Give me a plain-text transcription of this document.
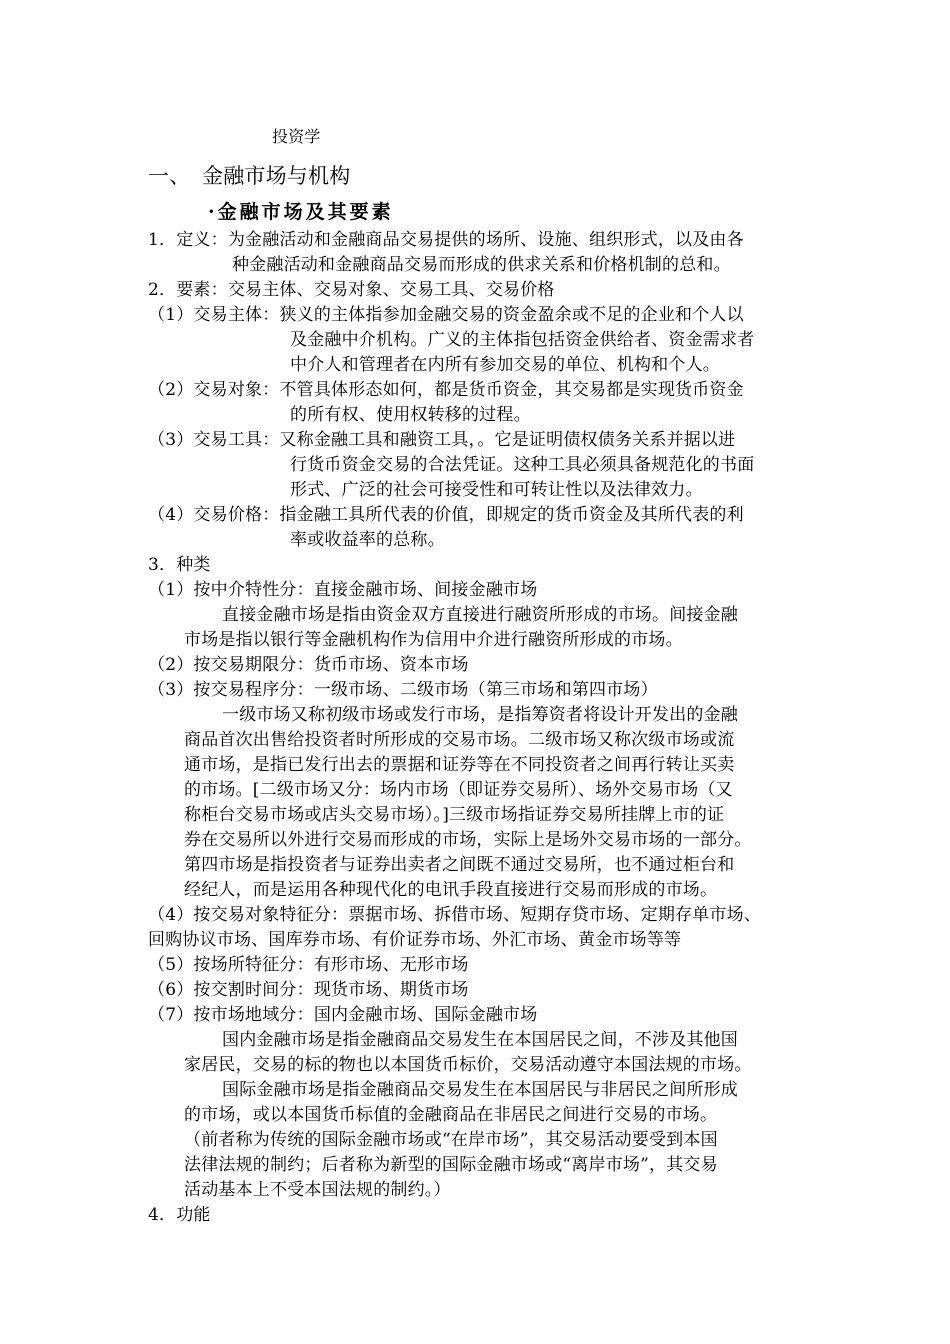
投资学
一、 金融市场与机构
·金融市场及其要素
1．定义：为金融活动和金融商品交易提供的场所、设施、组织形式，以及由各
种金融活动和金融商品交易而形成的供求关系和价格机制的总和。
2．要素：交易主体、交易对象、交易工具、交易价格
（1）交易主体：狭义的主体指参加金融交易的资金盈余或不足的企业和个人以
及金融中介机构。广义的主体指包括资金供给者、资金需求者
中介人和管理者在内所有参加交易的单位、机构和个人。
（2）交易对象：不管具体形态如何，都是货币资金，其交易都是实现货币资金
的所有权、使用权转移的过程。
（3）交易工具：又称金融工具和融资工具，。它是证明债权债务关系并据以进
行货币资金交易的合法凭证。这种工具必须具备规范化的书面
形式、广泛的社会可接受性和可转让性以及法律效力。
（4）交易价格：指金融工具所代表的价值，即规定的货币资金及其所代表的利
率或收益率的总称。
3．种类
（1）按中介特性分：直接金融市场、间接金融市场
直接金融市场是指由资金双方直接进行融资所形成的市场。间接金融
市场是指以银行等金融机构作为信用中介进行融资所形成的市场。
（2）按交易期限分：货币市场、资本市场
（3）按交易程序分：一级市场、二级市场（第三市场和第四市场）
一级市场又称初级市场或发行市场，是指筹资者将设计开发出的金融
商品首次出售给投资者时所形成的交易市场。二级市场又称次级市场或流
通市场，是指已发行出去的票据和证券等在不同投资者之间再行转让买卖
的市场。[二级市场又分：场内市场（即证券交易所）、场外交易市场（又
称柜台交易市场或店头交易市场）。]三级市场指证券交易所挂牌上市的证
券在交易所以外进行交易而形成的市场，实际上是场外交易市场的一部分。
第四市场是指投资者与证券出卖者之间既不通过交易所，也不通过柜台和
经纪人，而是运用各种现代化的电讯手段直接进行交易而形成的市场。
（4）按交易对象特征分：票据市场、拆借市场、短期存贷市场、定期存单市场、
回购协议市场、国库券市场、有价证券市场、外汇市场、黄金市场等等
（5）按场所特征分：有形市场、无形市场
（6）按交割时间分：现货市场、期货市场
（7）按市场地域分：国内金融市场、国际金融市场
国内金融市场是指金融商品交易发生在本国居民之间，不涉及其他国
家居民，交易的标的物也以本国货币标价，交易活动遵守本国法规的市场。
国际金融市场是指金融商品交易发生在本国居民与非居民之间所形成
的市场，或以本国货币标值的金融商品在非居民之间进行交易的市场。
（前者称为传统的国际金融市场或“在岸市场”，其交易活动要受到本国
法律法规的制约；后者称为新型的国际金融市场或“离岸市场”，其交易
活动基本上不受本国法规的制约。）
4．功能
